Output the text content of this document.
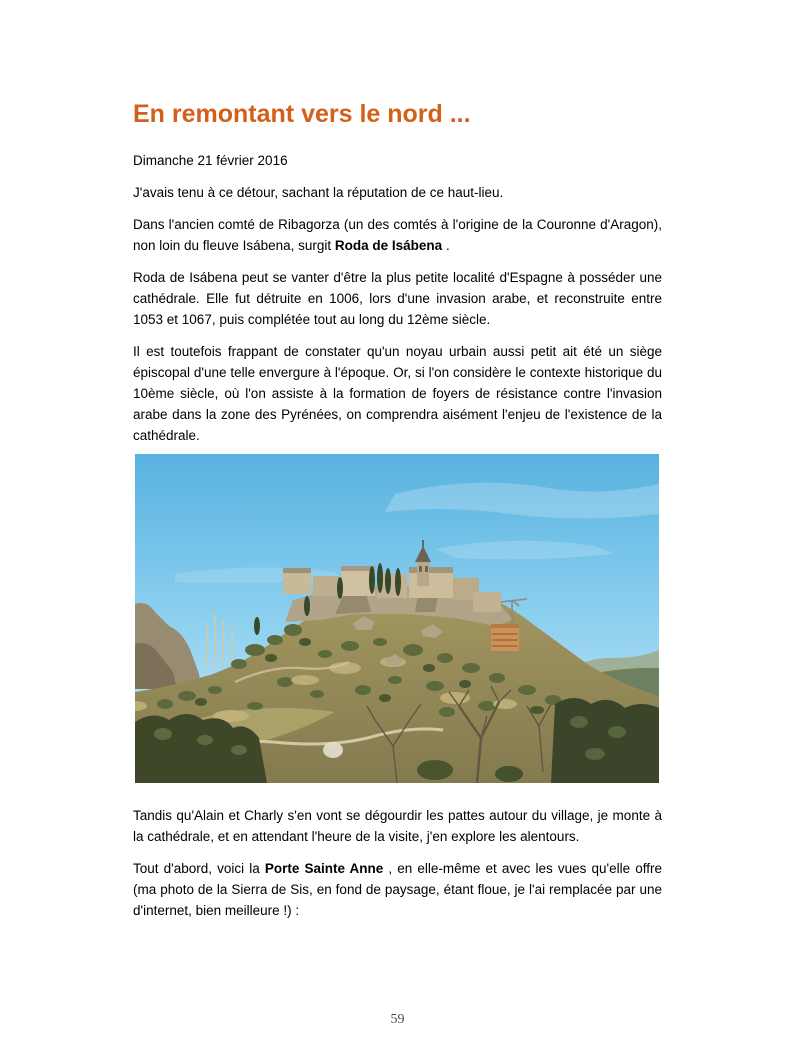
En remontant vers le nord ...

Dimanche 21 février 2016

J'avais tenu à ce détour, sachant la réputation de ce haut-lieu.

Dans l'ancien comté de Ribagorza (un des comtés à l'origine de la Couronne d'Aragon), non loin du fleuve Isábena, surgit Roda de Isábena .

Roda de Isábena peut se vanter d'être la plus petite localité d'Espagne à posséder une cathédrale. Elle fut détruite en 1006, lors d'une invasion arabe, et reconstruite entre 1053 et 1067, puis complétée tout au long du 12ème siècle.

Il est toutefois frappant de constater qu'un noyau urbain aussi petit ait été un siège épiscopal d'une telle envergure à l'époque. Or, si l'on considère le contexte historique du 10ème siècle, où l'on assiste à la formation de foyers de résistance contre l'invasion arabe dans la zone des Pyrénées, on comprendra aisément l'enjeu de l'existence de la cathédrale.

Tandis qu'Alain et Charly s'en vont se dégourdir les pattes autour du village, je monte à la cathédrale, et en attendant l'heure de la visite, j'en explore les alentours.

Tout d'abord, voici la Porte Sainte Anne , en elle-même et avec les vues qu'elle offre (ma photo de la Sierra de Sis, en fond de paysage, étant floue, je l'ai remplacée par une d'internet, bien meilleure !) :

59
